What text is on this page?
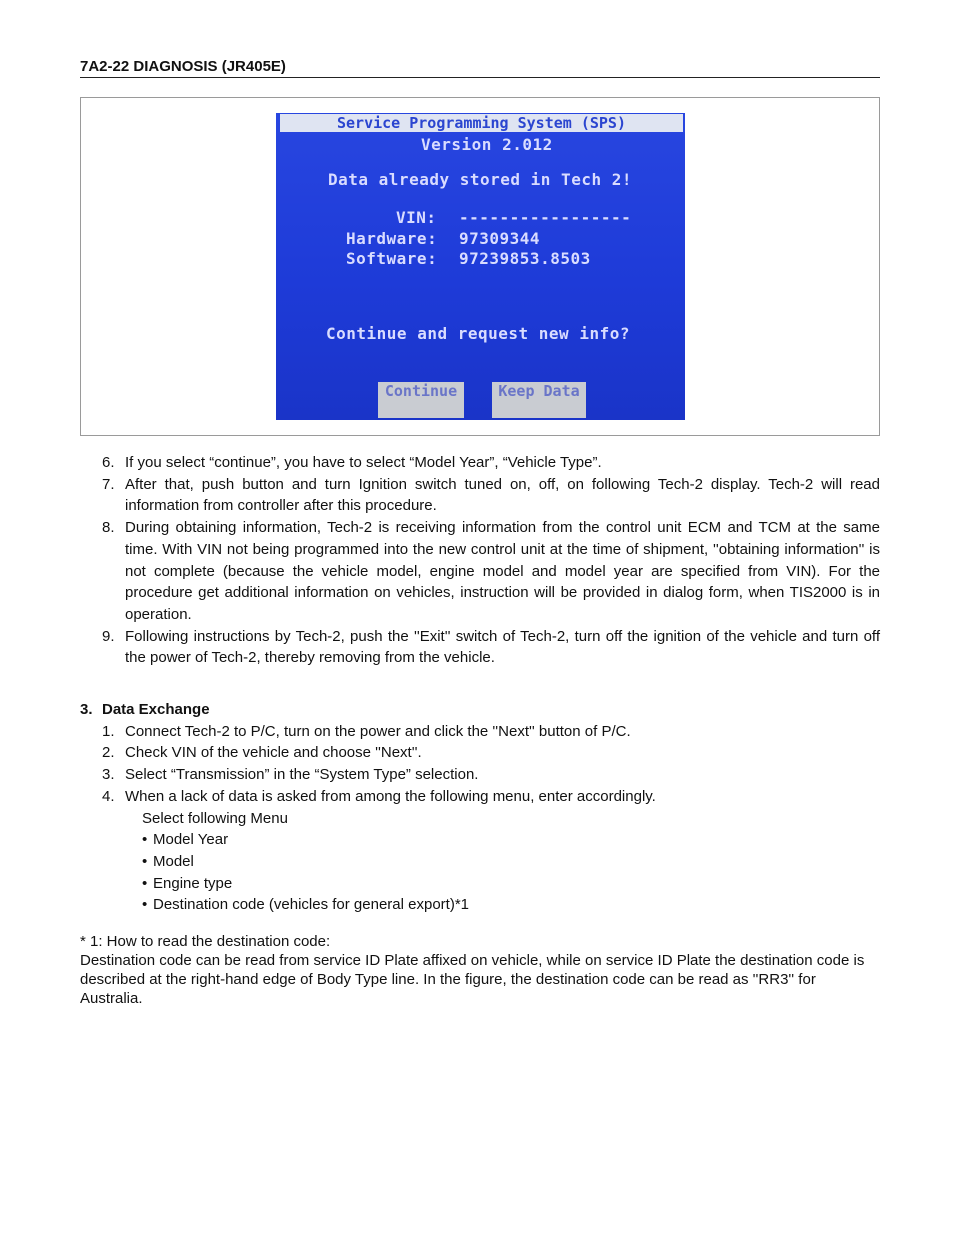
7A2-22 DIAGNOSIS (JR405E)
Service Programming System (SPS)
Version 2.012
Data already stored in Tech 2!
VIN: -----------------
Hardware: 97309344
Software: 97239853.8503
Continue and request new info?
Continue	Keep Data
6. If you select “continue”, you have to select “Model Year”, “Vehicle Type”.
7. After that, push button and turn Ignition switch tuned on, off, on following Tech-2 display. Tech-2 will read information from controller after this procedure.
8. During obtaining information, Tech-2 is receiving information from the control unit ECM and TCM at the same time. With VIN not being programmed into the new control unit at the time of shipment, ''obtaining information'' is not complete (because the vehicle model, engine model and model year are specified from VIN). For the procedure get additional information on vehicles, instruction will be provided in dialog form, when TIS2000 is in operation.
9. Following instructions by Tech-2, push the ''Exit'' switch of Tech-2, turn off the ignition of the vehicle and turn off the power of Tech-2, thereby removing from the vehicle.
3. Data Exchange
1. Connect Tech-2 to P/C, turn on the power and click the ''Next'' button of P/C.
2. Check VIN of the vehicle and choose ''Next''.
3. Select “Transmission” in the “System Type” selection.
4. When a lack of data is asked from among the following menu, enter accordingly.
Select following Menu
• Model Year
• Model
• Engine type
• Destination code (vehicles for general export)*1
* 1: How to read the destination code:
Destination code can be read from service ID Plate affixed on vehicle, while on service ID Plate the destination code is described at the right-hand edge of Body Type line. In the figure, the destination code can be read as ''RR3'' for Australia.
